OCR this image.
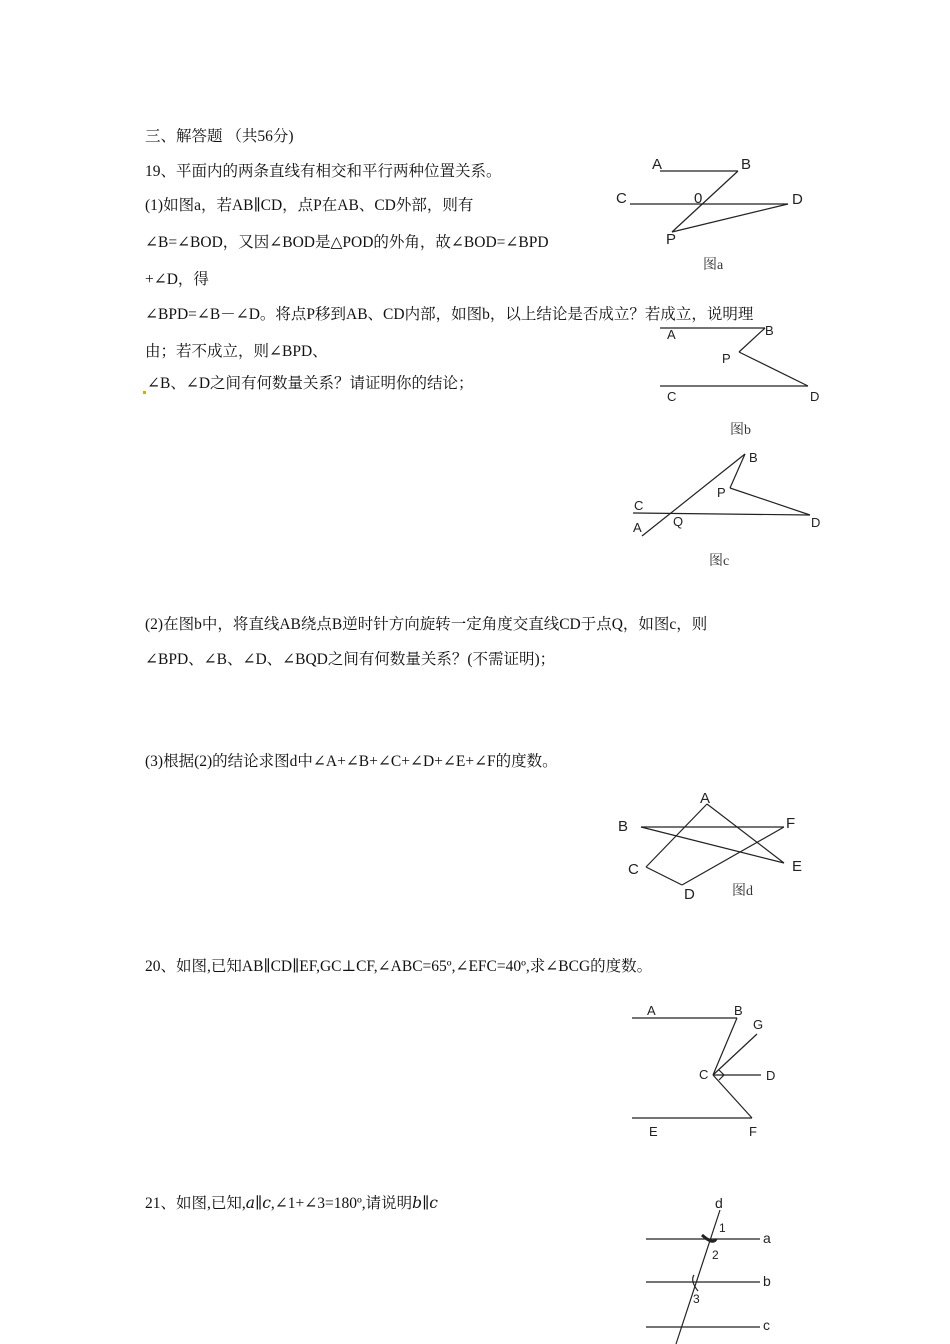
三、解答题 （共56分)
19、平面内的两条直线有相交和平行两种位置关系。
(1)如图a，若AB∥CD，点P在AB、CD外部，则有
∠B=∠BOD，又因∠BOD是△POD的外角，故∠BOD=∠BPD
+∠D，得
∠BPD=∠B－∠D。将点P移到AB、CD内部，如图b，以上结论是否成立？若成立，说明理
由；若不成立，则∠BPD、
∠B、∠D之间有何数量关系？请证明你的结论；
(2)在图b中，将直线AB绕点B逆时针方向旋转一定角度交直线CD于点Q，如图c，则
∠BPD、∠B、∠D、∠BQD之间有何数量关系？(不需证明)；
(3)根据(2)的结论求图d中∠A+∠B+∠C+∠D+∠E+∠F的度数。
A	B
C	0	D
P
图a
A	B
P
C	D
图b
B
P
C
Q	D
A
图c
A
B	F
E
C
D	图d
20、如图,已知AB∥CD∥EF,GC⊥CF,∠ABC=65º,∠EFC=40º,求∠BCG的度数。
A	B
G
C	D
E	F
21、如图,已知,a∥c,∠1+∠3=180º,请说明b∥c	d
1
a
2
b
3
c
